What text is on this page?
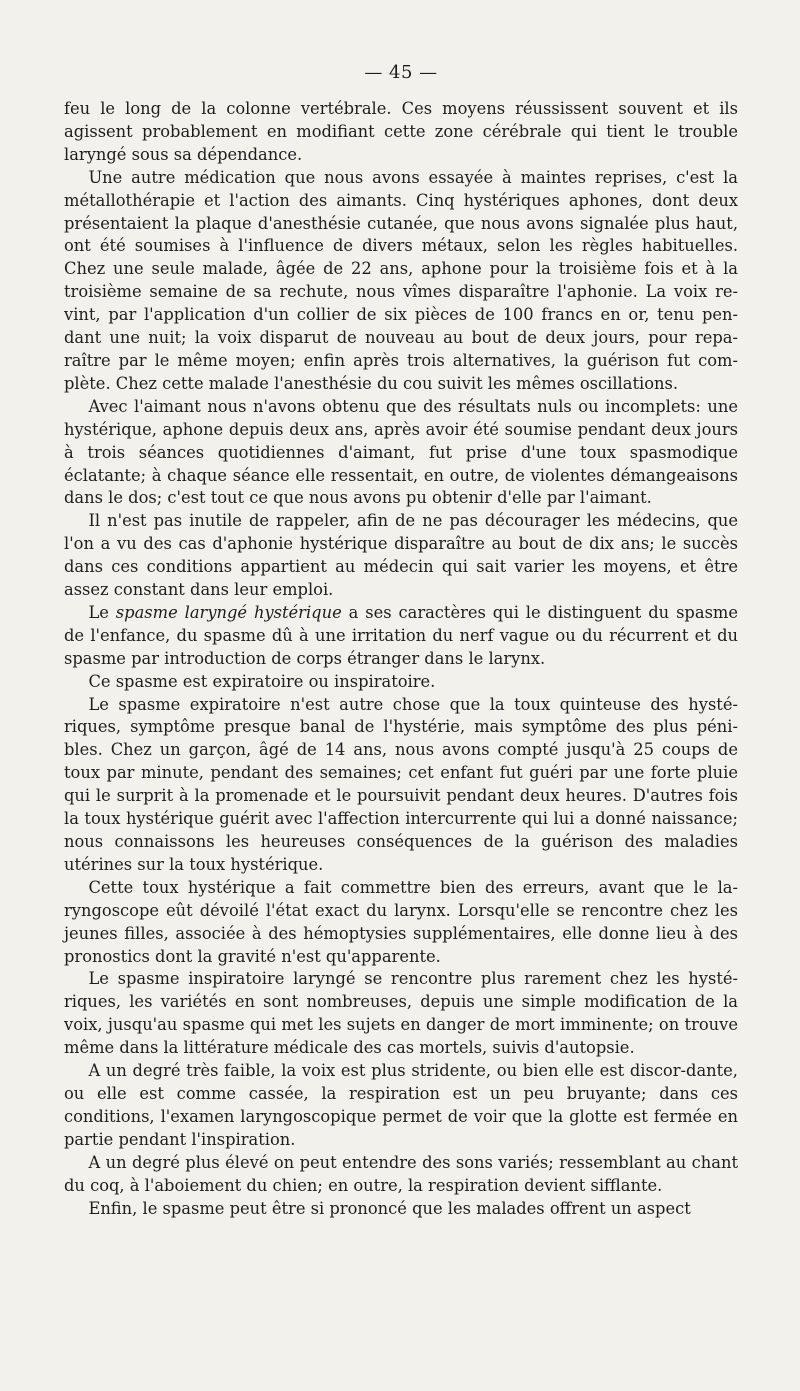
— 45 —

feu le long de la colonne vertébrale. Ces moyens réussissent souvent et ils agissent probablement en modifiant cette zone cérébrale qui tient le trouble laryngé sous sa dépendance.

Une autre médication que nous avons essayée à maintes reprises, c'est la métallothérapie et l'action des aimants. Cinq hystériques aphones, dont deux présentaient la plaque d'anesthésie cutanée, que nous avons signalée plus haut, ont été soumises à l'influence de divers métaux, selon les règles habituelles. Chez une seule malade, âgée de 22 ans, aphone pour la troisième fois et à la troisième semaine de sa rechute, nous vîmes disparaître l'aphonie. La voix re-vint, par l'application d'un collier de six pièces de 100 francs en or, tenu pen-dant une nuit; la voix disparut de nouveau au bout de deux jours, pour repa-raître par le même moyen; enfin après trois alternatives, la guérison fut com-plète. Chez cette malade l'anesthésie du cou suivit les mêmes oscillations.

Avec l'aimant nous n'avons obtenu que des résultats nuls ou incomplets: une hystérique, aphone depuis deux ans, après avoir été soumise pendant deux jours à trois séances quotidiennes d'aimant, fut prise d'une toux spasmodique éclatante; à chaque séance elle ressentait, en outre, de violentes démangeaisons dans le dos; c'est tout ce que nous avons pu obtenir d'elle par l'aimant.

Il n'est pas inutile de rappeler, afin de ne pas décourager les médecins, que l'on a vu des cas d'aphonie hystérique disparaître au bout de dix ans; le succès dans ces conditions appartient au médecin qui sait varier les moyens, et être assez constant dans leur emploi.

Le spasme laryngé hystérique a ses caractères qui le distinguent du spasme de l'enfance, du spasme dû à une irritation du nerf vague ou du récurrent et du spasme par introduction de corps étranger dans le larynx.

Ce spasme est expiratoire ou inspiratoire.

Le spasme expiratoire n'est autre chose que la toux quinteuse des hysté-riques, symptôme presque banal de l'hystérie, mais symptôme des plus péni-bles. Chez un garçon, âgé de 14 ans, nous avons compté jusqu'à 25 coups de toux par minute, pendant des semaines; cet enfant fut guéri par une forte pluie qui le surprit à la promenade et le poursuivit pendant deux heures. D'autres fois la toux hystérique guérit avec l'affection intercurrente qui lui a donné naissance; nous connaissons les heureuses conséquences de la guérison des maladies utérines sur la toux hystérique.

Cette toux hystérique a fait commettre bien des erreurs, avant que le la-ryngoscope eût dévoilé l'état exact du larynx. Lorsqu'elle se rencontre chez les jeunes filles, associée à des hémoptysies supplémentaires, elle donne lieu à des pronostics dont la gravité n'est qu'apparente.

Le spasme inspiratoire laryngé se rencontre plus rarement chez les hysté-riques, les variétés en sont nombreuses, depuis une simple modification de la voix, jusqu'au spasme qui met les sujets en danger de mort imminente; on trouve même dans la littérature médicale des cas mortels, suivis d'autopsie.

A un degré très faible, la voix est plus stridente, ou bien elle est discor-dante, ou elle est comme cassée, la respiration est un peu bruyante; dans ces conditions, l'examen laryngoscopique permet de voir que la glotte est fermée en partie pendant l'inspiration.

A un degré plus élevé on peut entendre des sons variés; ressemblant au chant du coq, à l'aboiement du chien; en outre, la respiration devient sifflante.

Enfin, le spasme peut être si prononcé que les malades offrent un aspect
